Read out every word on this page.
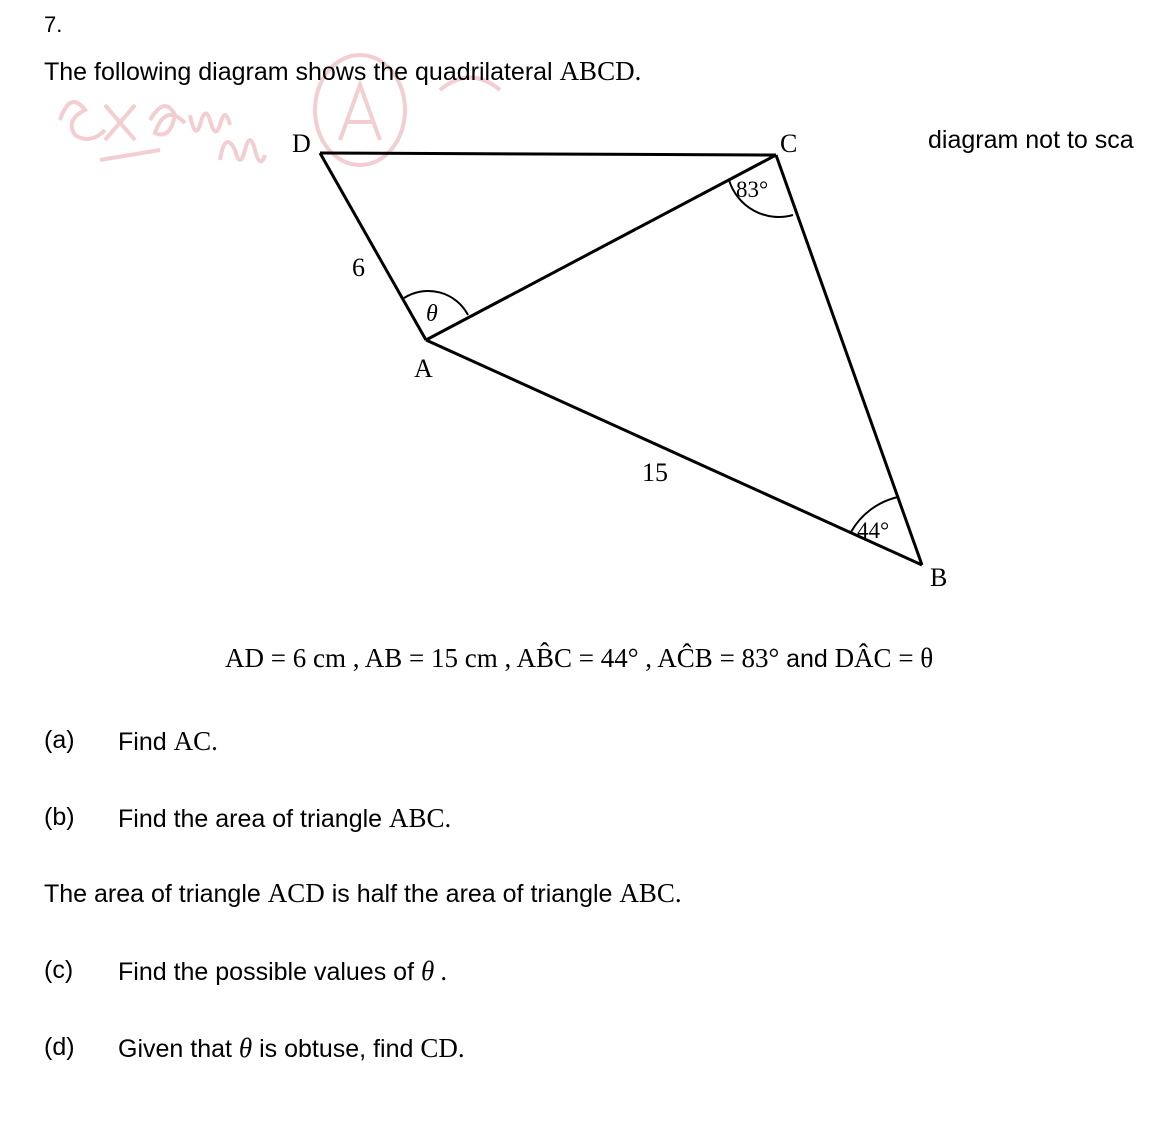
7.
The following diagram shows the quadrilateral ABCD.
D	C
A
B
6
15
83°
44°
θ
diagram not to sca
AD = 6 cm , AB = 15 cm , AB̂C = 44° , AĈB = 83° and DÂC = θ
(a) Find AC.
(b) Find the area of triangle ABC.
The area of triangle ACD is half the area of triangle ABC.
(c) Find the possible values of θ .
(d) Given that θ is obtuse, find CD.
